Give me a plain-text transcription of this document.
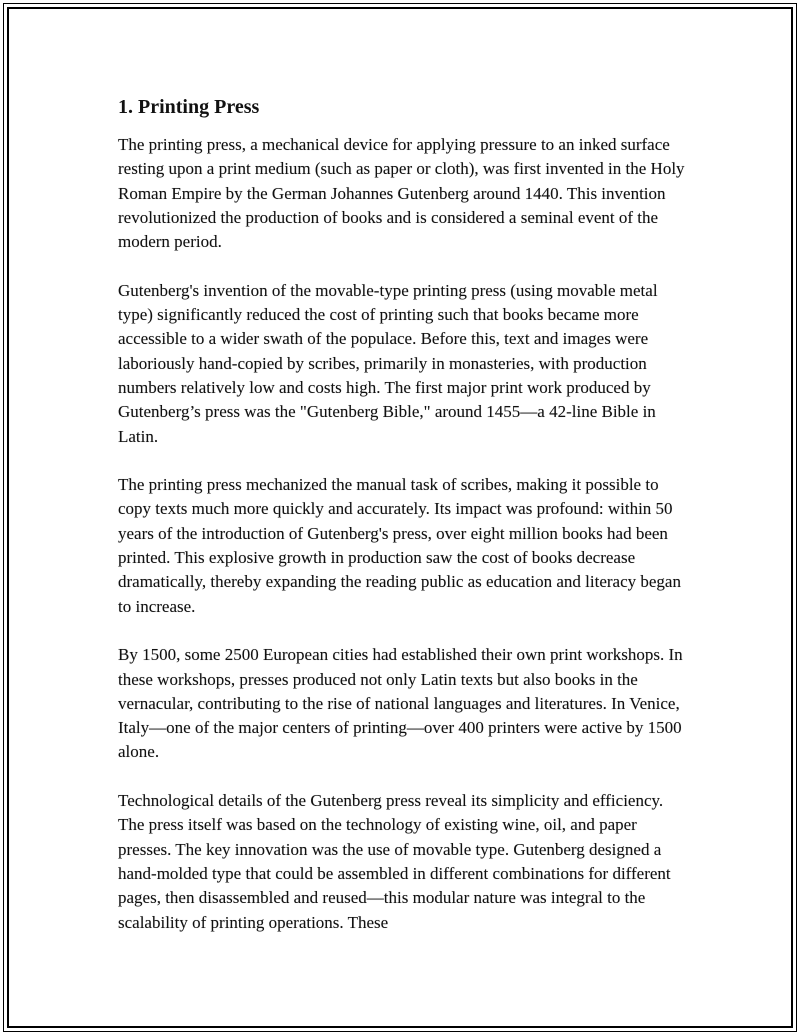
1. Printing Press

The printing press, a mechanical device for applying pressure to an inked surface resting upon a print medium (such as paper or cloth), was first invented in the Holy Roman Empire by the German Johannes Gutenberg around 1440. This invention revolutionized the production of books and is considered a seminal event of the modern period.

Gutenberg's invention of the movable-type printing press (using movable metal type) significantly reduced the cost of printing such that books became more accessible to a wider swath of the populace. Before this, text and images were laboriously hand-copied by scribes, primarily in monasteries, with production numbers relatively low and costs high. The first major print work produced by Gutenberg’s press was the "Gutenberg Bible," around 1455—a 42-line Bible in Latin.

The printing press mechanized the manual task of scribes, making it possible to copy texts much more quickly and accurately. Its impact was profound: within 50 years of the introduction of Gutenberg's press, over eight million books had been printed. This explosive growth in production saw the cost of books decrease dramatically, thereby expanding the reading public as education and literacy began to increase.

By 1500, some 2500 European cities had established their own print workshops. In these workshops, presses produced not only Latin texts but also books in the vernacular, contributing to the rise of national languages and literatures. In Venice, Italy—one of the major centers of printing—over 400 printers were active by 1500 alone.

Technological details of the Gutenberg press reveal its simplicity and efficiency. The press itself was based on the technology of existing wine, oil, and paper presses. The key innovation was the use of movable type. Gutenberg designed a hand-molded type that could be assembled in different combinations for different pages, then disassembled and reused—this modular nature was integral to the scalability of printing operations. These
